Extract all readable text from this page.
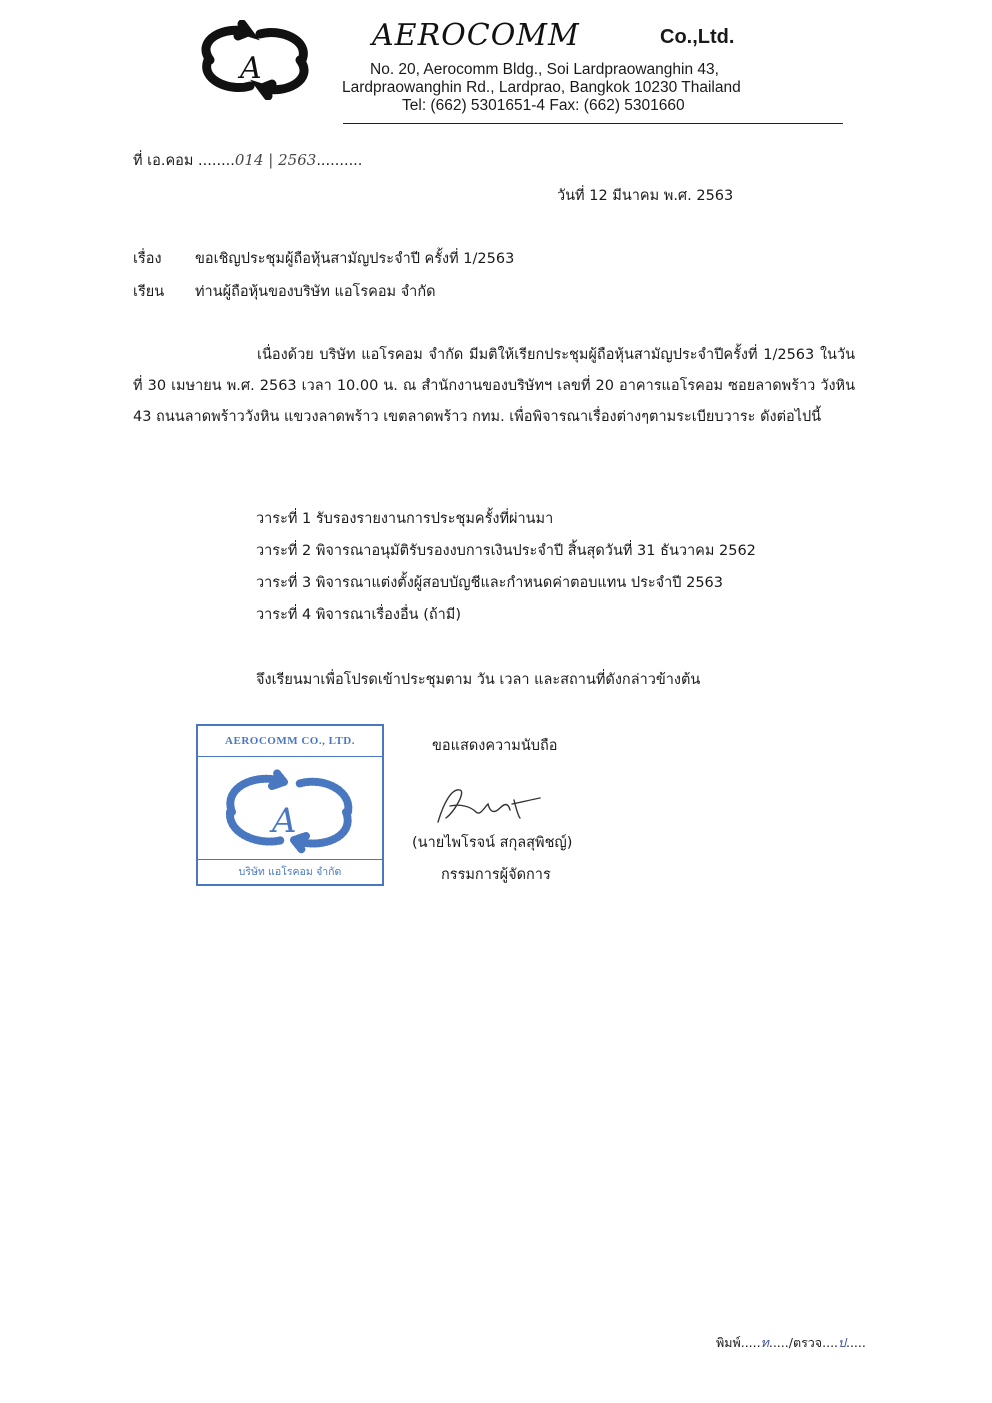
A
AEROCOMM	Co.,Ltd.
No. 20, Aerocomm Bldg., Soi Lardpraowanghin 43,
Lardpraowanghin Rd., Lardprao, Bangkok 10230 Thailand
Tel: (662) 5301651-4 Fax: (662) 5301660
ที่ เอ.คอม ........014 | 2563..........
วันที่ 12 มีนาคม พ.ศ. 2563
เรื่อง ขอเชิญประชุมผู้ถือหุ้นสามัญประจำปี ครั้งที่ 1/2563
เรียน ท่านผู้ถือหุ้นของบริษัท แอโรคอม จำกัด
เนื่องด้วย บริษัท แอโรคอม จำกัด มีมติให้เรียกประชุมผู้ถือหุ้นสามัญประจำปีครั้งที่ 1/2563 ในวันที่ 30 เมษายน พ.ศ. 2563 เวลา 10.00 น. ณ สำนักงานของบริษัทฯ เลขที่ 20 อาคารแอโรคอม ซอยลาดพร้าว วังหิน 43 ถนนลาดพร้าววังหิน แขวงลาดพร้าว เขตลาดพร้าว กทม. เพื่อพิจารณาเรื่องต่างๆตามระเบียบวาระ ดังต่อไปนี้
วาระที่ 1 รับรองรายงานการประชุมครั้งที่ผ่านมา
วาระที่ 2 พิจารณาอนุมัติรับรองงบการเงินประจำปี สิ้นสุดวันที่ 31 ธันวาคม 2562
วาระที่ 3 พิจารณาแต่งตั้งผู้สอบบัญชีและกำหนดค่าตอบแทน ประจำปี 2563
วาระที่ 4 พิจารณาเรื่องอื่น (ถ้ามี)
จึงเรียนมาเพื่อโปรดเข้าประชุมตาม วัน เวลา และสถานที่ดังกล่าวข้างต้น
AEROCOMM CO., LTD.
A
บริษัท แอโรคอม จำกัด
ขอแสดงความนับถือ
(นายไพโรจน์ สกุลสุพิชญ์)
กรรมการผู้จัดการ
พิมพ์.....ท...../ตรวจ....ป.....
